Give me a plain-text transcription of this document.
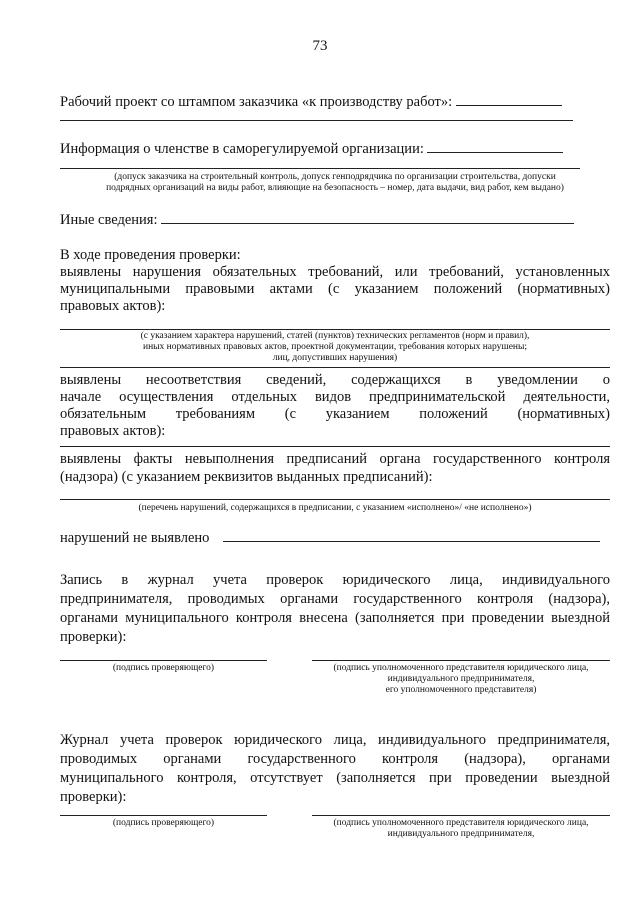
73
Рабочий проект со штампом заказчика «к производству работ»:
Информация о членстве в саморегулируемой организации:
(допуск заказчика на строительный контроль, допуск генподрядчика по организации строительства, допуски
подрядных организаций на виды работ, влияющие на безопасность – номер, дата выдачи, вид работ, кем выдано)
Иные сведения:
В ходе проведения проверки:
выявлены нарушения обязательных требований, или требований, установленных
муниципальными правовыми актами (с указанием положений (нормативных)
правовых актов):
(с указанием характера нарушений, статей (пунктов) технических регламентов (норм и правил),
иных нормативных правовых актов, проектной документации, требования которых нарушены;
лиц, допустивших нарушения)
выявлены несоответствия сведений, содержащихся в уведомлении о
начале осуществления отдельных видов предпринимательской деятельности,
обязательным требованиям (с указанием положений (нормативных)
правовых актов):
выявлены факты невыполнения предписаний органа государственного контроля
(надзора) (с указанием реквизитов выданных предписаний):
(перечень нарушений, содержащихся в предписании, с указанием «исполнено»/ «не исполнено»)
нарушений не выявлено
Запись в журнал учета проверок юридического лица, индивидуального
предпринимателя, проводимых органами государственного контроля (надзора),
органами муниципального контроля внесена (заполняется при проведении выездной
проверки):
(подпись проверяющего)	(подпись уполномоченного представителя юридического лица,
индивидуального предпринимателя,
его уполномоченного представителя)
Журнал учета проверок юридического лица, индивидуального предпринимателя,
проводимых органами государственного контроля (надзора), органами
муниципального контроля, отсутствует (заполняется при проведении выездной
проверки):
(подпись проверяющего)	(подпись уполномоченного представителя юридического лица,
индивидуального предпринимателя,
